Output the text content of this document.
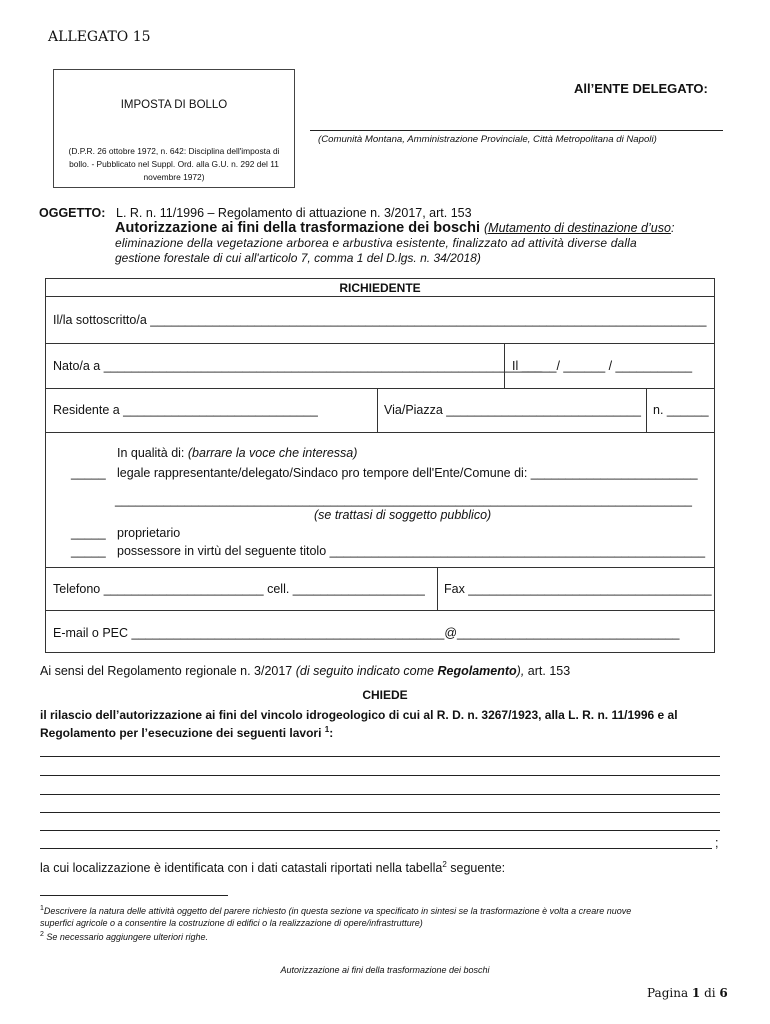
ALLEGATO 15
IMPOSTA DI BOLLO
(D.P.R. 26 ottobre 1972, n. 642: Disciplina dell'imposta di bollo. - Pubblicato nel Suppl. Ord. alla G.U. n. 292 del 11 novembre 1972)
All’ENTE DELEGATO:
(Comunità Montana, Amministrazione Provinciale, Città Metropolitana di Napoli)
OGGETTO: L. R. n. 11/1996 – Regolamento di attuazione n. 3/2017, art. 153
Autorizzazione ai fini della trasformazione dei boschi (Mutamento di destinazione d’uso:
eliminazione della vegetazione arborea e arbustiva esistente, finalizzato ad attività diverse dalla
gestione forestale di cui all'articolo 7, comma 1 del D.lgs. n. 34/2018)
RICHIEDENTE
Il/la sottoscritto/a ________________________________________________________________________________
Nato/a a _______________________________________________________________
Il _____/ ______ / ___________
Residente a ____________________________	Via/Piazza ____________________________ n. ______
In qualità di: (barrare la voce che interessa)
_____ legale rappresentante/delegato/Sindaco pro tempore dell'Ente/Comune di: ________________________
___________________________________________________________________________________
(se trattasi di soggetto pubblico)
_____ proprietario
_____ possessore in virtù del seguente titolo ______________________________________________________
Telefono _______________________ cell. ___________________ Fax ___________________________________
E-mail o PEC _____________________________________________@________________________________
Ai sensi del Regolamento regionale n. 3/2017 (di seguito indicato come Regolamento), art. 153
CHIEDE
il rilascio dell’autorizzazione ai fini del vincolo idrogeologico di cui al R. D. n. 3267/1923, alla L. R. n. 11/1996 e al
Regolamento per l’esecuzione dei seguenti lavori $^1$:
;
la cui localizzazione è identificata con i dati catastali riportati nella tabella$^2$ seguente:
$^1$Descrivere la natura delle attività oggetto del parere richiesto (in questa sezione va specificato in sintesi se la trasformazione è volta a creare nuove
superfici agricole o a consentire la costruzione di edifici o la realizzazione di opere/infrastrutture)
$^2$ Se necessario aggiungere ulteriori righe.
Autorizzazione ai fini della trasformazione dei boschi
Pagina 1 di 6
